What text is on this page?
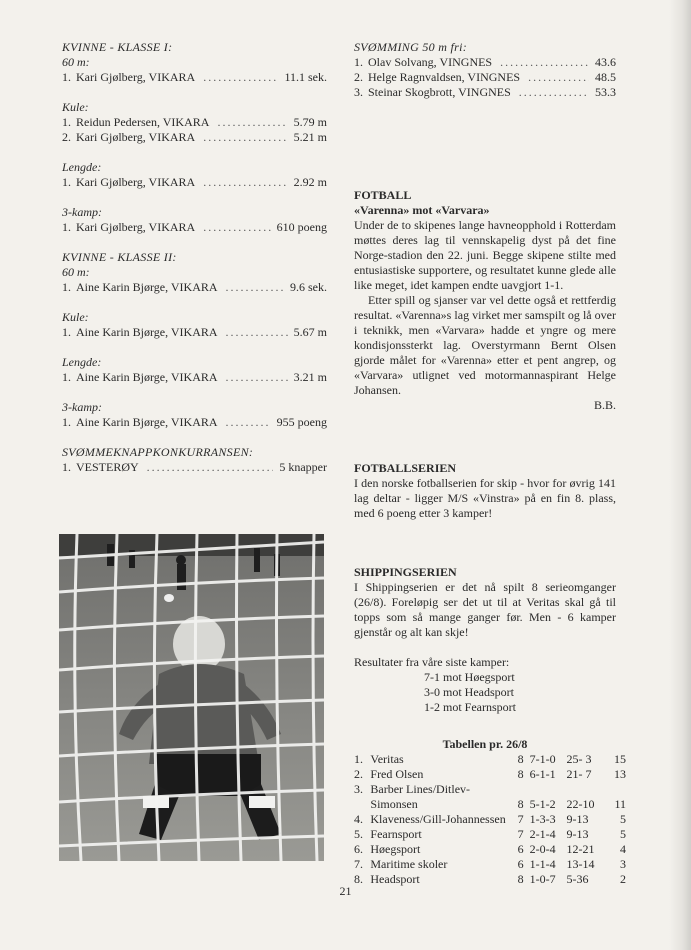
KVINNE - KLASSE I:
60 m:
1. Kari Gjølberg, VIKARA .....	11.1 sek.
Kule:
1. Reidun Pedersen, VIKARA .....	5.79 m
2. Kari Gjølberg, VIKARA .....	5.21 m
Lengde:
1. Kari Gjølberg, VIKARA .....	2.92 m
3-kamp:
1. Kari Gjølberg, VIKARA .....	610 poeng
KVINNE - KLASSE II:
60 m:
1. Aine Karin Bjørge, VIKARA .....	9.6 sek.
Kule:
1. Aine Karin Bjørge, VIKARA .....	5.67 m
Lengde:
1. Aine Karin Bjørge, VIKARA .....	3.21 m
3-kamp:
1. Aine Karin Bjørge, VIKARA .....	955 poeng
SVØMMEKNAPPKONKURRANSEN:
1. VESTERØY .....	5 knapper
SVØMMING 50 m fri:
1. Olav Solvang, VINGNES .....	43.6
2. Helge Ragnvaldsen, VINGNES .....	48.5
3. Steinar Skogbrott, VINGNES .....	53.3
FOTBALL
«Varenna» mot «Varvara»

Under de to skipenes lange havneopphold i Rotterdam møttes deres lag til vennskapelig dyst på det fine Norge-stadion den 22. juni. Begge skipene stilte med entusiastiske supportere, og resultatet kunne glede alle like meget, idet kampen endte uavgjort 1-1.

Etter spill og sjanser var vel dette også et rettferdig resultat. «Varenna»s lag virket mer samspilt og lå over i teknikk, men «Varvara» hadde et yngre og mere kondisjonssterkt lag. Overstyrmann Bernt Olsen gjorde målet for «Varenna» etter et pent angrep, og «Varvara» utlignet ved motormannaspirant Helge Johansen.

B.B.
FOTBALLSERIEN

I den norske fotballserien for skip - hvor for øvrig 141 lag deltar - ligger M/S «Vinstra» på en fin 8. plass, med 6 poeng etter 3 kamper!

SHIPPINGSERIEN

I Shippingserien er det nå spilt 8 serieomganger (26/8). Foreløpig ser det ut til at Veritas skal gå til topps som så mange ganger før. Men - 6 kamper gjenstår og alt kan skje!

Resultater fra våre siste kamper:
7-1 mot Høegsport
3-0 mot Headsport
1-2 mot Fearnsport
Tabellen pr. 26/8
1.	Veritas	8	7-1-0	25- 3	15
2.	Fred Olsen	8	6-1-1	21- 7	13
3.	Barber Lines/Ditlev-				
	Simonsen	8	5-1-2	22-10	11
4.	Klaveness/Gill-Johannessen	7	1-3-3	9-13	5
5.	Fearnsport	7	2-1-4	9-13	5
6.	Høegsport	6	2-0-4	12-21	4
7.	Maritime skoler	6	1-1-4	13-14	3
8.	Headsport	8	1-0-7	5-36	2
21
